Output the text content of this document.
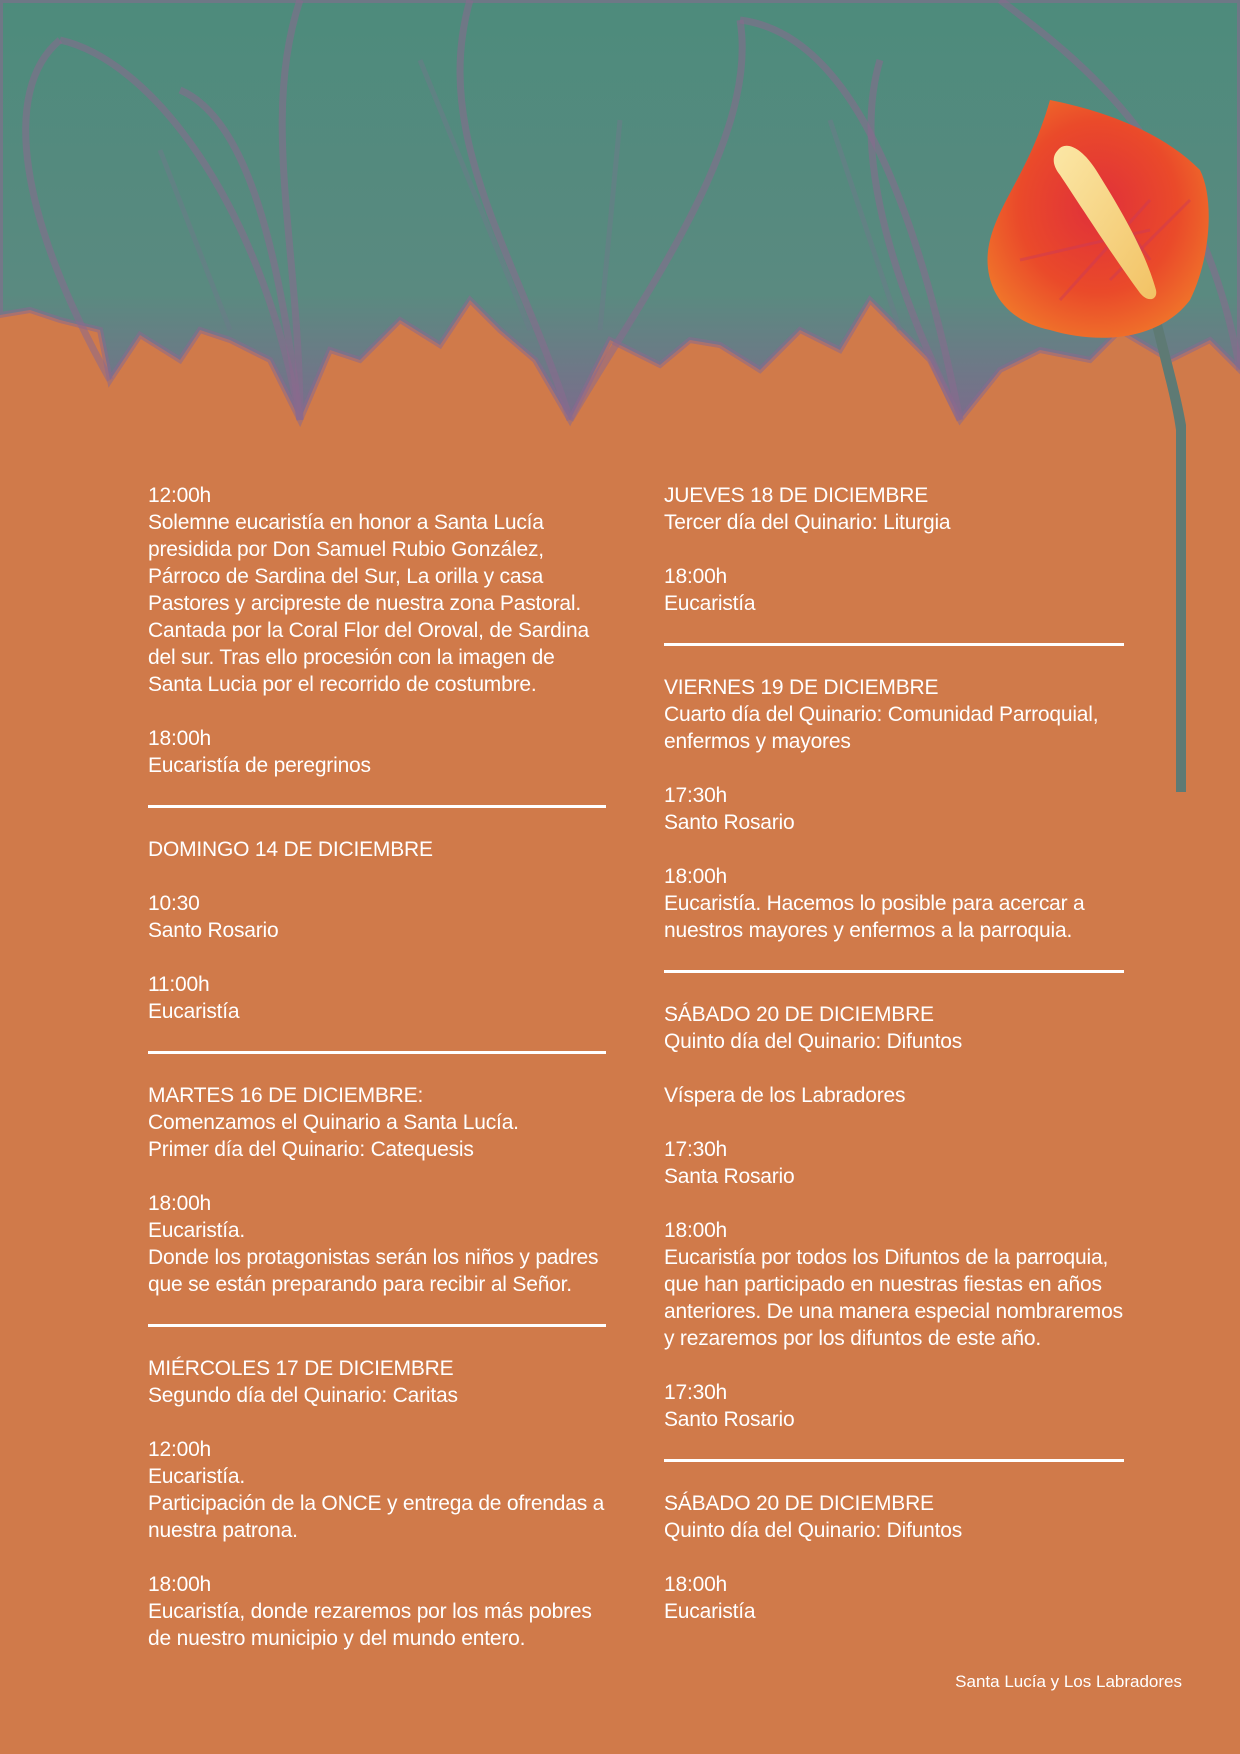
12:00h

Solemne eucaristía en honor a Santa Lucía presidida por Don Samuel Rubio González, Párroco de Sardina del Sur, La orilla y casa Pastores y arcipreste de nuestra zona Pastoral. Cantada por la Coral Flor del Oroval, de Sardina del sur. Tras ello procesión con la imagen de Santa Lucia por el recorrido de costumbre.

18:00h

Eucaristía de peregrinos

DOMINGO 14 DE DICIEMBRE

10:30

Santo Rosario

11:00h

Eucaristía

MARTES 16 DE DICIEMBRE:

Comenzamos el Quinario a Santa Lucía.

Primer día del Quinario: Catequesis

18:00h

Eucaristía.

Donde los protagonistas serán los niños y padres que se están preparando para recibir al Señor.

MIÉRCOLES 17 DE DICIEMBRE

Segundo día del Quinario: Caritas

12:00h

Eucaristía.

Participación de la ONCE y entrega de ofrendas a nuestra patrona.

18:00h

Eucaristía, donde rezaremos por los más pobres de nuestro municipio y del mundo entero.

JUEVES 18 DE DICIEMBRE

Tercer día del Quinario: Liturgia

18:00h

Eucaristía

VIERNES 19 DE DICIEMBRE

Cuarto día del Quinario: Comunidad Parroquial, enfermos y mayores

17:30h

Santo Rosario

18:00h

Eucaristía. Hacemos lo posible para acercar a nuestros mayores y enfermos a la parroquia.

SÁBADO 20 DE DICIEMBRE

Quinto día del Quinario: Difuntos

Víspera de los Labradores

17:30h

Santa Rosario

18:00h

Eucaristía por todos los Difuntos de la parroquia, que han participado en nuestras fiestas en años anteriores. De una manera especial nombraremos y rezaremos por los difuntos de este año.

17:30h

Santo Rosario

SÁBADO 20 DE DICIEMBRE

Quinto día del Quinario: Difuntos

18:00h

Eucaristía

Santa Lucía y Los Labradores
